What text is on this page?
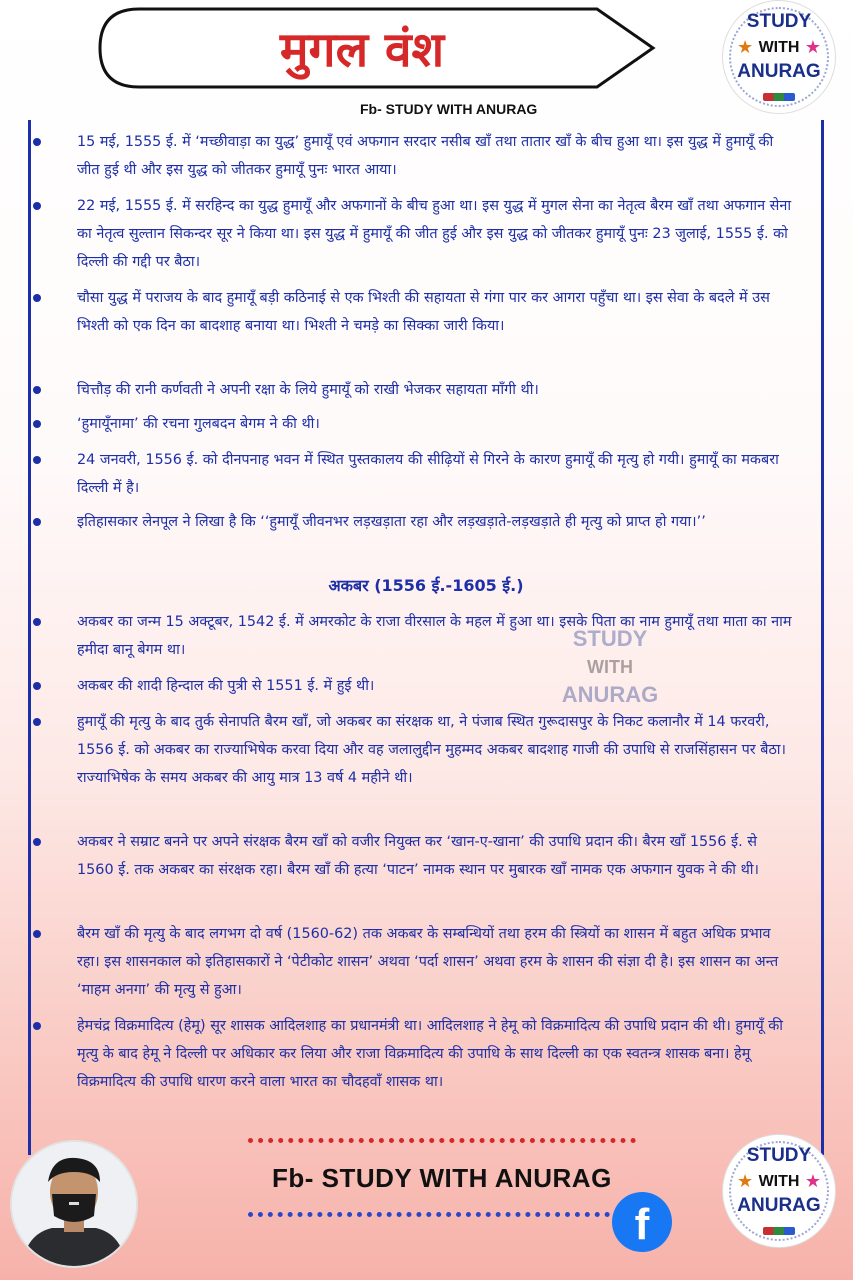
मुगल वंश
Fb- STUDY WITH ANURAG
STUDY
★ WITH ★
ANURAG
15 मई, 1555 ई. में ‘मच्छीवाड़ा का युद्ध’ हुमायूँ एवं अफगान सरदार नसीब खाँ तथा तातार खाँ के बीच हुआ था। इस युद्ध में हुमायूँ की जीत हुई थी और इस युद्ध को जीतकर हुमायूँ पुनः भारत आया।
22 मई, 1555 ई. में सरहिन्द का युद्ध हुमायूँ और अफगानों के बीच हुआ था। इस युद्ध में मुगल सेना का नेतृत्व बैरम खाँ तथा अफगान सेना का नेतृत्व सुल्तान सिकन्दर सूर ने किया था। इस युद्ध में हुमायूँ की जीत हुई और इस युद्ध को जीतकर हुमायूँ पुनः 23 जुलाई, 1555 ई. को दिल्ली की गद्दी पर बैठा।
चौसा युद्ध में पराजय के बाद हुमायूँ बड़ी कठिनाई से एक भिश्ती की सहायता से गंगा पार कर आगरा पहुँचा था। इस सेवा के बदले में उस भिश्ती को एक दिन का बादशाह बनाया था। भिश्ती ने चमड़े का सिक्का जारी किया।
चित्तौड़ की रानी कर्णवती ने अपनी रक्षा के लिये हुमायूँ को राखी भेजकर सहायता माँगी थी।
‘हुमायूँनामा’ की रचना गुलबदन बेगम ने की थी।
24 जनवरी, 1556 ई. को दीनपनाह भवन में स्थित पुस्तकालय की सीढ़ियों से गिरने के कारण हुमायूँ की मृत्यु हो गयी। हुमायूँ का मकबरा दिल्ली में है।
इतिहासकार लेनपूल ने लिखा है कि ‘‘हुमायूँ जीवनभर लड़खड़ाता रहा और लड़खड़ाते-लड़खड़ाते ही मृत्यु को प्राप्त हो गया।’’
अकबर (1556 ई.-1605 ई.)
अकबर का जन्म 15 अक्टूबर, 1542 ई. में अमरकोट के राजा वीरसाल के महल में हुआ था। इसके पिता का नाम हुमायूँ तथा माता का नाम हमीदा बानू बेगम था।
अकबर की शादी हिन्दाल की पुत्री से 1551 ई. में हुई थी।
हुमायूँ की मृत्यु के बाद तुर्क सेनापति बैरम खाँ, जो अकबर का संरक्षक था, ने पंजाब स्थित गुरूदासपुर के निकट कलानौर में 14 फरवरी, 1556 ई. को अकबर का राज्याभिषेक करवा दिया और वह जलालुद्दीन मुहम्मद अकबर बादशाह गाजी की उपाधि से राजसिंहासन पर बैठा। राज्याभिषेक के समय अकबर की आयु मात्र 13 वर्ष 4 महीने थी।
अकबर ने सम्राट बनने पर अपने संरक्षक बैरम खाँ को वजीर नियुक्त कर ‘खान-ए-खाना’ की उपाधि प्रदान की। बैरम खाँ 1556 ई. से 1560 ई. तक अकबर का संरक्षक रहा। बैरम खाँ की हत्या ‘पाटन’ नामक स्थान पर मुबारक खाँ नामक एक अफगान युवक ने की थी।
बैरम खाँ की मृत्यु के बाद लगभग दो वर्ष (1560-62) तक अकबर के सम्बन्धियों तथा हरम की स्त्रियों का शासन में बहुत अधिक प्रभाव रहा। इस शासनकाल को इतिहासकारों ने ‘पेटीकोट शासन’ अथवा ‘पर्दा शासन’ अथवा हरम के शासन की संज्ञा दी है। इस शासन का अन्त ‘माहम अनगा’ की मृत्यु से हुआ।
हेमचंद्र विक्रमादित्य (हेमू) सूर शासक आदिलशाह का प्रधानमंत्री था। आदिलशाह ने हेमू को विक्रमादित्य की उपाधि प्रदान की थी। हुमायूँ की मृत्यु के बाद हेमू ने दिल्ली पर अधिकार कर लिया और राजा विक्रमादित्य की उपाधि के साथ दिल्ली का एक स्वतन्त्र शासक बना। हेमू विक्रमादित्य की उपाधि धारण करने वाला भारत का चौदहवाँ शासक था।
STUDY
WITH
ANURAG
Fb- STUDY WITH ANURAG
f
STUDY
★ WITH ★
ANURAG
